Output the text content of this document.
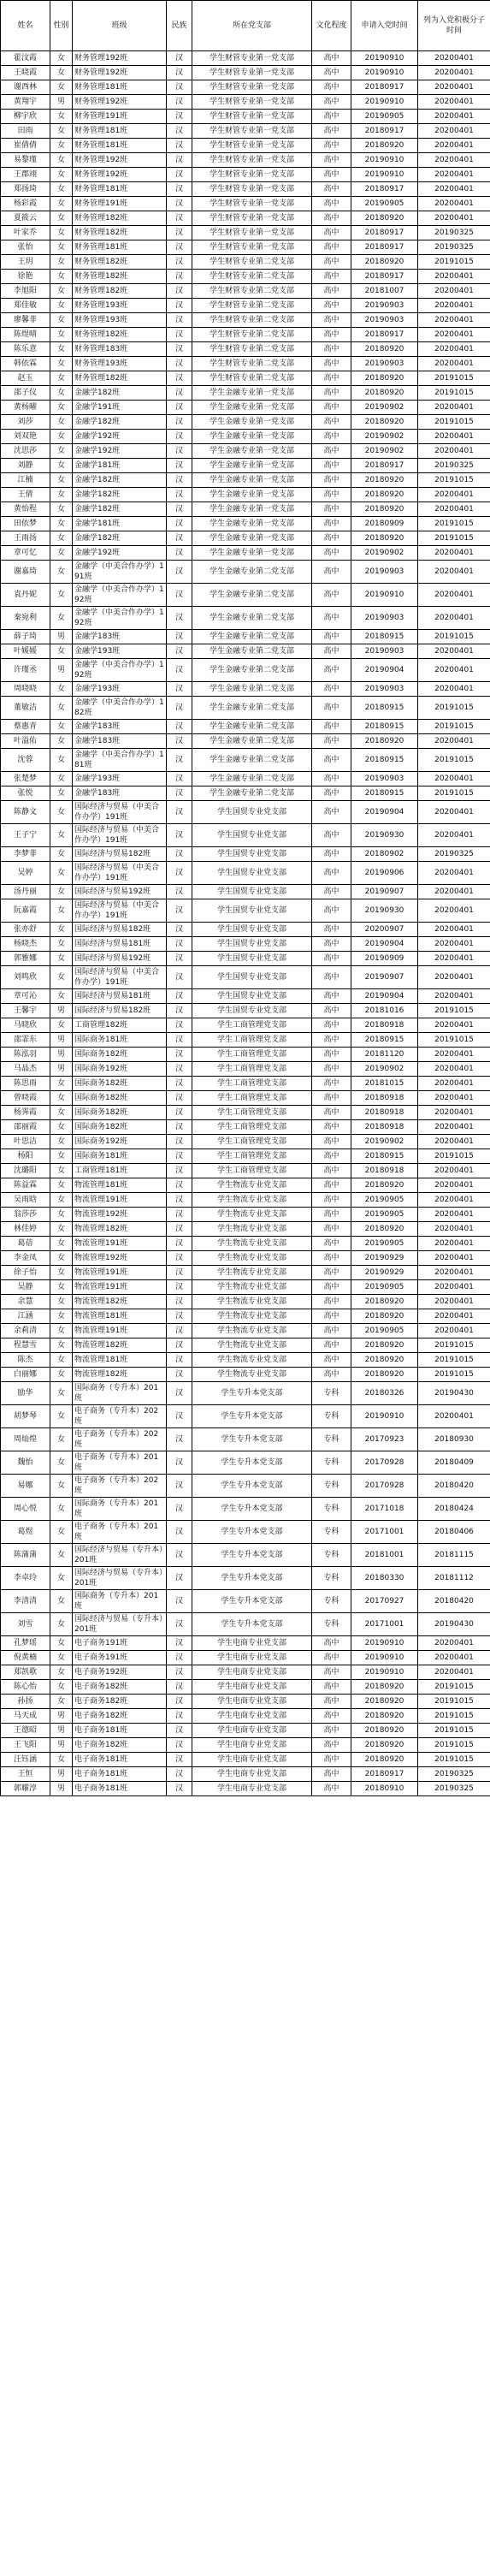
姓名	性别	班级	民族	所在党支部	文化程度	申请入党时间	列为入党积极分子时间
霍汶霞	女	财务管理192班	汉	学生财管专业第一党支部	高中	20190910	20200401
王晓霞	女	财务管理192班	汉	学生财管专业第一党支部	高中	20190910	20200401
谢西林	女	财务管理181班	汉	学生财管专业第一党支部	高中	20180917	20200401
黄翔宇	男	财务管理192班	汉	学生财管专业第一党支部	高中	20190910	20200401
柳宇欣	女	财务管理191班	汉	学生财管专业第一党支部	高中	20190905	20200401
田雨	女	财务管理181班	汉	学生财管专业第一党支部	高中	20180917	20200401
崔倩倩	女	财务管理181班	汉	学生财管专业第一党支部	高中	20180920	20200401
易黎瑾	女	财务管理192班	汉	学生财管专业第一党支部	高中	20190910	20200401
王郡翊	女	财务管理192班	汉	学生财管专业第一党支部	高中	20190910	20200401
郑扬琦	女	财务管理181班	汉	学生财管专业第一党支部	高中	20180917	20200401
杨彩霞	女	财务管理191班	汉	学生财管专业第一党支部	高中	20190905	20200401
夏筱云	女	财务管理182班	汉	学生财管专业第一党支部	高中	20180920	20200401
叶家乔	女	财务管理182班	汉	学生财管专业第一党支部	高中	20180917	20190325
张怡	女	财务管理181班	汉	学生财管专业第一党支部	高中	20180917	20190325
王玥	女	财务管理182班	汉	学生财管专业第二党支部	高中	20180920	20191015
徐艳	女	财务管理182班	汉	学生财管专业第二党支部	高中	20180917	20200401
李旭阳	女	财务管理182班	汉	学生财管专业第二党支部	高中	20181007	20200401
郑佳敏	女	财务管理193班	汉	学生财管专业第二党支部	高中	20190903	20200401
廖馨菲	女	财务管理193班	汉	学生财管专业第二党支部	高中	20190903	20200401
陈煜晴	女	财务管理182班	汉	学生财管专业第二党支部	高中	20180917	20200401
陈乐意	女	财务管理183班	汉	学生财管专业第二党支部	高中	20180920	20200401
韩依霖	女	财务管理193班	汉	学生财管专业第二党支部	高中	20190903	20200401
赵玉	女	财务管理182班	汉	学生财管专业第二党支部	高中	20180920	20191015
邵子仪	女	金融学182班	汉	学生金融专业第一党支部	高中	20180920	20191015
黄杨曜	女	金融学191班	汉	学生金融专业第一党支部	高中	20190902	20200401
刘莎	女	金融学182班	汉	学生金融专业第一党支部	高中	20180920	20191015
刘双艳	女	金融学192班	汉	学生金融专业第一党支部	高中	20190902	20200401
沈思莎	女	金融学192班	汉	学生金融专业第一党支部	高中	20190902	20200401
刘静	女	金融学181班	汉	学生金融专业第一党支部	高中	20180917	20190325
江楠	女	金融学182班	汉	学生金融专业第一党支部	高中	20180920	20191015
王倩	女	金融学182班	汉	学生金融专业第一党支部	高中	20180920	20200401
黄怡程	女	金融学182班	汉	学生金融专业第一党支部	高中	20180920	20200401
田依梦	女	金融学181班	汉	学生金融专业第一党支部	高中	20180909	20191015
王雨扬	女	金融学182班	汉	学生金融专业第一党支部	高中	20180920	20191015
章可忆	女	金融学192班	汉	学生金融专业第一党支部	高中	20190902	20200401
谢嘉琦	女	金融学（中美合作办学）191班	汉	学生金融专业第二党支部	高中	20190903	20200401
袁丹妮	女	金融学（中美合作办学）192班	汉	学生金融专业第二党支部	高中	20190910	20200401
秦宛利	女	金融学（中美合作办学）192班	汉	学生金融专业第二党支部	高中	20190903	20200401
薛子琦	男	金融学183班	汉	学生金融专业第二党支部	高中	20180915	20191015
叶媛媛	女	金融学193班	汉	学生金融专业第二党支部	高中	20190903	20200401
许瑾丞	男	金融学（中美合作办学）192班	汉	学生金融专业第二党支部	高中	20190904	20200401
周晓晓	女	金融学193班	汉	学生金融专业第二党支部	高中	20190903	20200401
董敏洁	女	金融学（中美合作办学）182班	汉	学生金融专业第二党支部	高中	20180915	20191015
蔡惠青	女	金融学183班	汉	学生金融专业第二党支部	高中	20180915	20191015
叶溢佑	女	金融学183班	汉	学生金融专业第二党支部	高中	20180920	20200401
沈蓉	女	金融学（中美合作办学）181班	汉	学生金融专业第二党支部	高中	20180915	20191015
张楚梦	女	金融学193班	汉	学生金融专业第二党支部	高中	20190903	20200401
张悦	女	金融学183班	汉	学生金融专业第二党支部	高中	20180915	20191015
陈静文	女	国际经济与贸易（中美合作办学）191班	汉	学生国贸专业党支部	高中	20190904	20200401
王子宁	女	国际经济与贸易（中美合作办学）191班	汉	学生国贸专业党支部	高中	20190930	20200401
李梦菲	女	国际经济与贸易182班	汉	学生国贸专业党支部	高中	20180902	20190325
吴婷	女	国际经济与贸易（中美合作办学）191班	汉	学生国贸专业党支部	高中	20190906	20200401
汤丹丽	女	国际经济与贸易192班	汉	学生国贸专业党支部	高中	20190907	20200401
阮嘉霞	女	国际经济与贸易（中美合作办学）191班	汉	学生国贸专业党支部	高中	20190930	20200401
张亦舒	女	国际经济与贸易182班	汉	学生国贸专业党支部	高中	20200907	20200401
杨晓杰	女	国际经济与贸易181班	汉	学生国贸专业党支部	高中	20190904	20200401
郭雅娜	女	国际经济与贸易192班	汉	学生国贸专业党支部	高中	20190909	20200401
刘鸣欣	女	国际经济与贸易（中美合作办学）191班	汉	学生国贸专业党支部	高中	20190907	20200401
章可沁	女	国际经济与贸易181班	汉	学生国贸专业党支部	高中	20190904	20200401
王馨宇	男	国际经济与贸易182班	汉	学生国贸专业党支部	高中	20181016	20191015
马晓欣	女	工商管理182班	汉	学生工商管理党支部	高中	20180918	20200401
邵霏东	男	国际商务181班	汉	学生工商管理党支部	高中	20180915	20191015
陈泓羽	男	国际商务182班	汉	学生工商管理党支部	高中	20181120	20200401
马晶杰	男	国际商务192班	汉	学生工商管理党支部	高中	20190902	20200401
陈思雨	女	国际商务182班	汉	学生工商管理党支部	高中	20181015	20200401
曾晓霞	女	国际商务182班	汉	学生工商管理党支部	高中	20180918	20200401
杨霁霞	女	国际商务182班	汉	学生工商管理党支部	高中	20180918	20200401
邵丽霞	女	国际商务182班	汉	学生工商管理党支部	高中	20180918	20200401
叶思洁	女	国际商务192班	汉	学生工商管理党支部	高中	20190902	20200401
杨阳	女	国际商务181班	汉	学生工商管理党支部	高中	20180915	20191015
沈璐阳	女	工商管理181班	汉	学生工商管理党支部	高中	20180918	20200401
陈益霖	女	物流管理181班	汉	学生物流专业党支部	高中	20180920	20200401
吴雨晗	女	物流管理191班	汉	学生物流专业党支部	高中	20190905	20200401
翁莎莎	女	物流管理192班	汉	学生物流专业党支部	高中	20190905	20200401
林佳婷	女	物流管理182班	汉	学生物流专业党支部	高中	20180920	20200401
葛蓓	女	物流管理191班	汉	学生物流专业党支部	高中	20190905	20200401
李金凤	女	物流管理192班	汉	学生物流专业党支部	高中	20190929	20200401
徐子怡	女	物流管理191班	汉	学生物流专业党支部	高中	20190929	20200401
吴静	女	物流管理191班	汉	学生物流专业党支部	高中	20190905	20200401
余慧	女	物流管理182班	汉	学生物流专业党支部	高中	20180920	20200401
江涵	女	物流管理181班	汉	学生物流专业党支部	高中	20180920	20200401
余莉清	女	物流管理191班	汉	学生物流专业党支部	高中	20190905	20200401
程慧雪	女	物流管理182班	汉	学生物流专业党支部	高中	20180920	20191015
陈杰	女	物流管理181班	汉	学生物流专业党支部	高中	20180920	20191015
白丽娜	女	物流管理182班	汉	学生物流专业党支部	高中	20180920	20191015
励华	女	国际商务（专升本）201班	汉	学生专升本党支部	专科	20180326	20190430
胡梦琴	女	电子商务（专升本）202班	汉	学生专升本党支部	专科	20190910	20200401
周灿煌	女	电子商务（专升本）202班	汉	学生专升本党支部	专科	20170923	20180930
魏怡	女	电子商务（专升本）201班	汉	学生专升本党支部	专科	20170928	20180409
易娜	女	电子商务（专升本）202班	汉	学生专升本党支部	专科	20170928	20180420
周心悦	女	国际商务（专升本）201班	汉	学生专升本党支部	专科	20171018	20180424
葛煜	女	电子商务（专升本）201班	汉	学生专升本党支部	专科	20171001	20180406
陈蒲蒲	女	国际经济与贸易（专升本）201班	汉	学生专升本党支部	专科	20181001	20181115
李卓玲	女	国际经济与贸易（专升本）201班	汉	学生专升本党支部	专科	20180330	20181112
李清清	女	国际商务（专升本）201班	汉	学生专升本党支部	专科	20170927	20180420
刘雪	女	国际经济与贸易（专升本）201班	汉	学生专升本党支部	专科	20171001	20190430
孔梦瑶	女	电子商务191班	汉	学生电商专业党支部	高中	20190910	20200401
倪黄楠	女	电子商务191班	汉	学生电商专业党支部	高中	20190910	20200401
郑凯歌	女	电子商务192班	汉	学生电商专业党支部	高中	20190910	20200401
陈心怡	女	电子商务182班	汉	学生电商专业党支部	高中	20180920	20191015
孙扬	女	电子商务182班	汉	学生电商专业党支部	高中	20180920	20191015
马天成	男	电子商务182班	汉	学生电商专业党支部	高中	20180920	20191015
王德昭	男	电子商务181班	汉	学生电商专业党支部	高中	20180920	20191015
王飞阳	男	电子商务182班	汉	学生电商专业党支部	高中	20180920	20191015
汪钰涵	女	电子商务181班	汉	学生电商专业党支部	高中	20180920	20191015
王恒	男	电子商务181班	汉	学生电商专业党支部	高中	20180917	20190325
郭耀淳	男	电子商务181班	汉	学生电商专业党支部	高中	20180910	20190325
